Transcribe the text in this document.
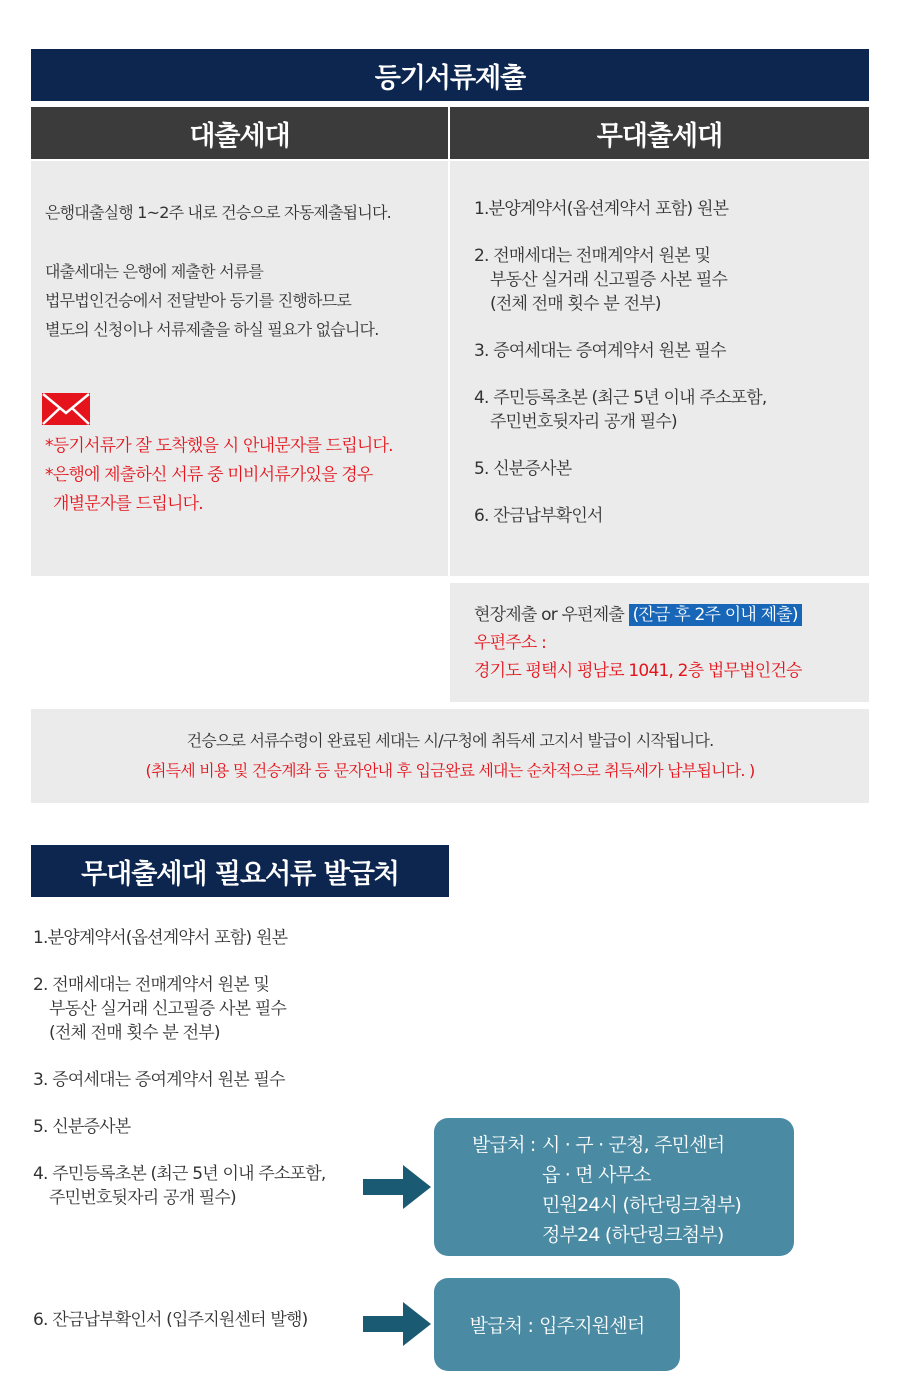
등기서류제출
대출세대	무대출세대

은행대출실행 1~2주 내로 건승으로 자동제출됩니다.

대출세대는 은행에 제출한 서류를

법무법인건승에서 전달받아 등기를 진행하므로

별도의 신청이나 서류제출을 하실 필요가 없습니다.

*등기서류가 잘 도착했을 시 안내문자를 드립니다.

*은행에 제출하신 서류 중 미비서류가있을 경우

개별문자를 드립니다.

1.분양계약서(옵션계약서 포함) 원본

2. 전매세대는 전매계약서 원본 및

부동산 실거래 신고필증 사본 필수

(전체 전매 횟수 분 전부)

3. 증여세대는 증여계약서 원본 필수

4. 주민등록초본 (최근 5년 이내 주소포함,

주민번호뒷자리 공개 필수)

5. 신분증사본

6. 잔금납부확인서

현장제출 or 우편제출 (잔금 후 2주 이내 제출)

우편주소 :

경기도 평택시 평남로 1041, 2층 법무법인건승

건승으로 서류수령이 완료된 세대는 시/구청에 취득세 고지서 발급이 시작됩니다.

(취득세 비용 및 건승계좌 등 문자안내 후 입금완료 세대는 순차적으로 취득세가 납부됩니다. )

무대출세대 필요서류 발급처

1.분양계약서(옵션계약서 포함) 원본

2. 전매세대는 전매계약서 원본 및

부동산 실거래 신고필증 사본 필수

(전체 전매 횟수 분 전부)

3. 증여세대는 증여계약서 원본 필수

5. 신분증사본

4. 주민등록초본 (최근 5년 이내 주소포함,

주민번호뒷자리 공개 필수)

6. 잔금납부확인서 (입주지원센터 발행)

발급처 : 시 · 구 · 군청, 주민센터

읍 · 면 사무소

민원24시 (하단링크첨부)

정부24 (하단링크첨부)

발급처 : 입주지원센터
